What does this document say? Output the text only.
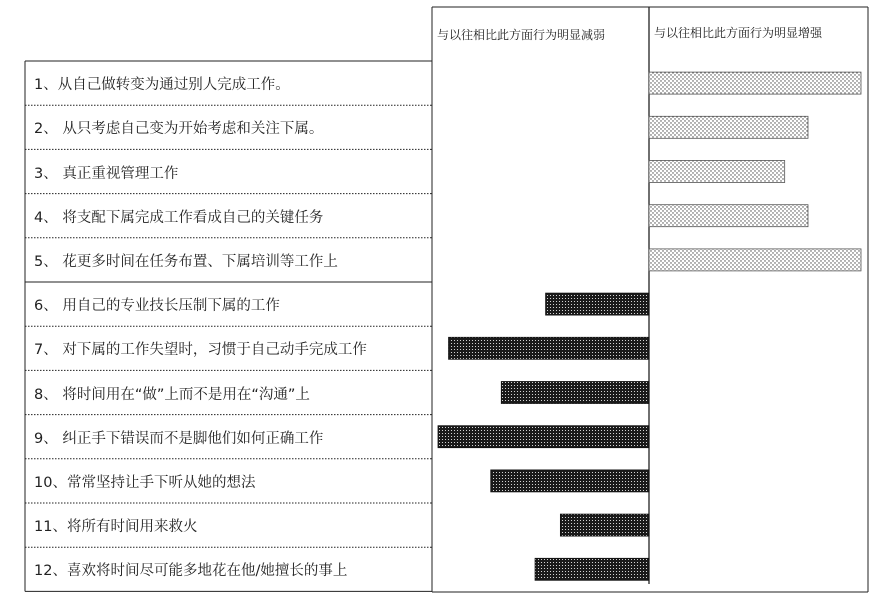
与以往相比此方面行为明显减弱	与以往相比此方面行为明显增强
1、从自己做转变为通过别人完成工作。
2、 从只考虑自己变为开始考虑和关注下属。
3、 真正重视管理工作
4、 将支配下属完成工作看成自己的关键任务
5、 花更多时间在任务布置、下属培训等工作上
6、 用自己的专业技长压制下属的工作
7、 对下属的工作失望时，习惯于自己动手完成工作
8、 将时间用在“做”上而不是用在“沟通”上
9、 纠正手下错误而不是脚他们如何正确工作
10、常常坚持让手下听从她的想法
11、将所有时间用来救火
12、喜欢将时间尽可能多地花在他/她擅长的事上
